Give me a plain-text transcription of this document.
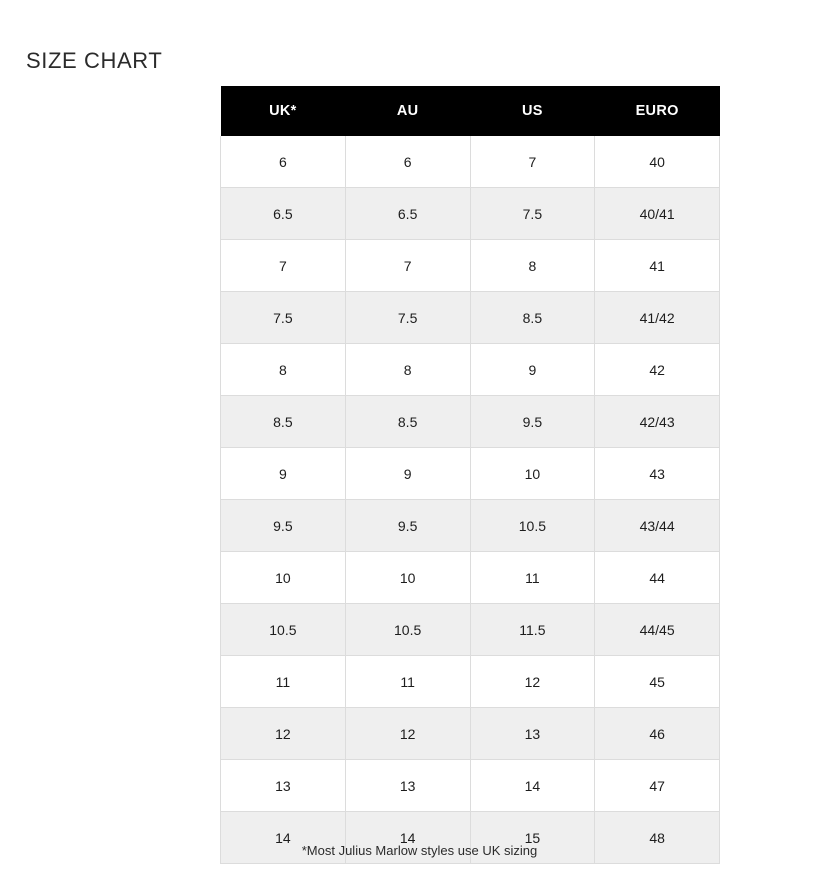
SIZE CHART
UK*	AU	US	EURO
6	6	7	40
6.5	6.5	7.5	40/41
7	7	8	41
7.5	7.5	8.5	41/42
8	8	9	42
8.5	8.5	9.5	42/43
9	9	10	43
9.5	9.5	10.5	43/44
10	10	11	44
10.5	10.5	11.5	44/45
11	11	12	45
12	12	13	46
13	13	14	47
14	14	15	48
*Most Julius Marlow styles use UK sizing
